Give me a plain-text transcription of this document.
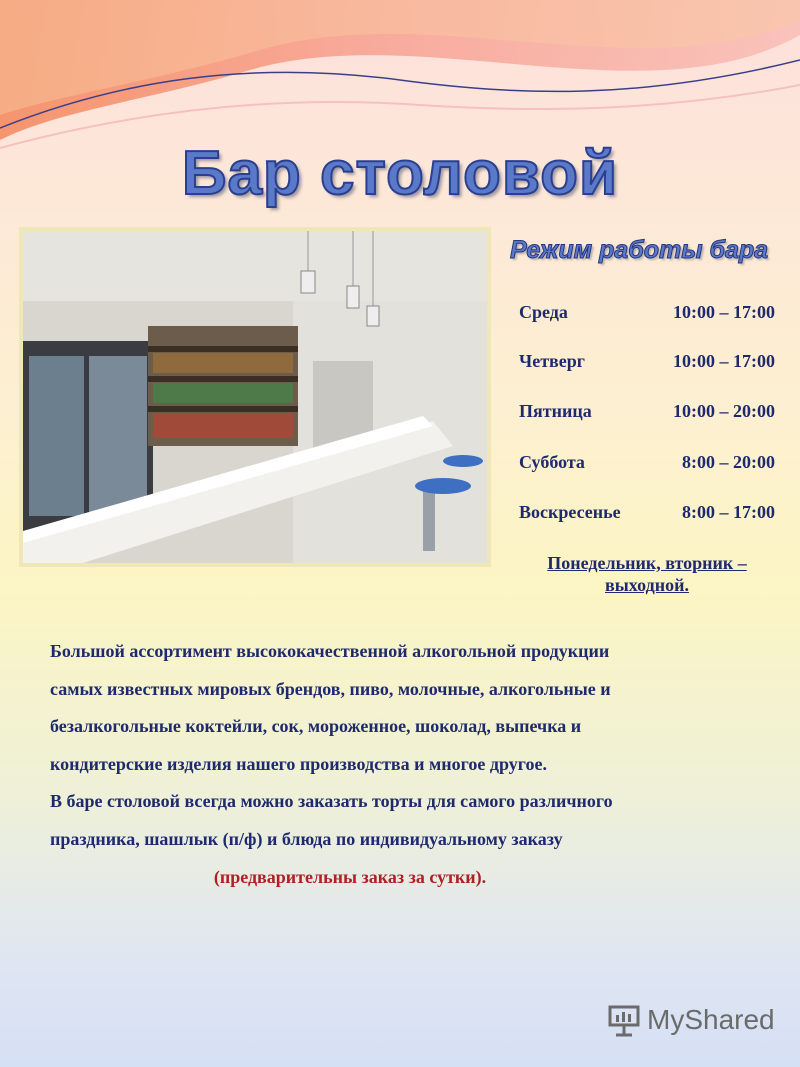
Бар столовой
Режим работы бара
Среда	10:00 – 17:00
Четверг	10:00 – 17:00
Пятница	10:00 – 20:00
Суббота	8:00 – 20:00
Воскресенье	8:00 – 17:00
Понедельник, вторник –
выходной.

Большой ассортимент высококачественной алкогольной продукции

самых известных мировых брендов, пиво, молочные, алкогольные и

безалкогольные коктейли, сок, мороженное, шоколад, выпечка и

кондитерские изделия нашего производства и многое другое.

В баре столовой всегда можно заказать торты для самого различного

праздника, шашлык (п/ф) и блюда по индивидуальному заказу

(предварительны заказ за сутки).

MyShared
